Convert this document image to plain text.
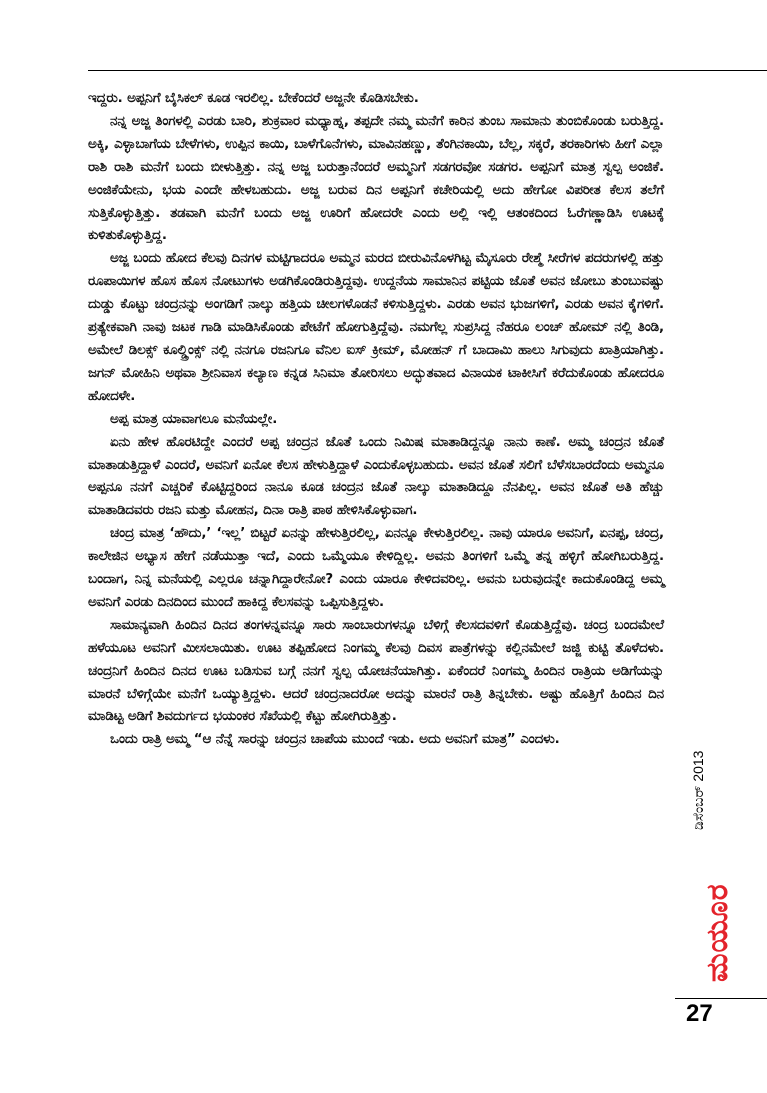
ಇದ್ದರು. ಅಪ್ಪನಿಗೆ ಬೈಸಿಕಲ್ ಕೂಡ ಇರಲಿಲ್ಲ. ಬೇಕೆಂದರೆ ಅಜ್ಜನೇ ಕೊಡಿಸಬೇಕು.

ನನ್ನ ಅಜ್ಜ ತಿಂಗಳಲ್ಲಿ ಎರಡು ಬಾರಿ, ಶುಕ್ರವಾರ ಮಧ್ಯಾಹ್ನ, ತಪ್ಪದೇ ನಮ್ಮ ಮನೆಗೆ ಕಾರಿನ ತುಂಬ ಸಾಮಾನು ತುಂಬಿಕೊಂಡು ಬರುತ್ತಿದ್ದ. ಅಕ್ಕಿ, ಎಳ್ಳಾಬಾಗೆಯ ಬೇಳೆಗಳು, ಉಪ್ಪಿನ ಕಾಯಿ, ಬಾಳೆಗೊನೆಗಳು, ಮಾವಿನಹಣ್ಣು, ತೆಂಗಿನಕಾಯಿ, ಬೆಲ್ಲ, ಸಕ್ಕರೆ, ತರಕಾರಿಗಳು ಹೀಗೆ ಎಲ್ಲಾ ರಾಶಿ ರಾಶಿ ಮನೆಗೆ ಬಂದು ಬೀಳುತ್ತಿತ್ತು. ನನ್ನ ಅಜ್ಜ ಬರುತ್ತಾನೆಂದರೆ ಅಮ್ಮನಿಗೆ ಸಡಗರವೋ ಸಡಗರ. ಅಪ್ಪನಿಗೆ ಮಾತ್ರ ಸ್ವಲ್ಪ ಅಂಜಿಕೆ. ಅಂಜಿಕೆಯೇನು, ಭಯ ಎಂದೇ ಹೇಳಬಹುದು. ಅಜ್ಜ ಬರುವ ದಿನ ಅಪ್ಪನಿಗೆ ಕಚೇರಿಯಲ್ಲಿ ಅದು ಹೇಗೋ ವಿಪರೀತ ಕೆಲಸ ತಲೆಗೆ ಸುತ್ತಿಕೊಳ್ಳುತ್ತಿತ್ತು. ತಡವಾಗಿ ಮನೆಗೆ ಬಂದು ಅಜ್ಜ ಊರಿಗೆ ಹೋದರೇ ಎಂದು ಅಲ್ಲಿ ಇಲ್ಲಿ ಆತಂಕದಿಂದ ಓರೆಗಣ್ಣಾಡಿಸಿ ಊಟಕ್ಕೆ ಕುಳಿತುಕೊಳ್ಳುತ್ತಿದ್ದ.

ಅಜ್ಜ ಬಂದು ಹೋದ ಕೆಲವು ದಿನಗಳ ಮಟ್ಟಿಗಾದರೂ ಅಮ್ಮನ ಮರದ ಬೀರುವಿನೊಳಗಿಟ್ಟ ಮೈಸೂರು ರೇಶ್ಮೆ ಸೀರೆಗಳ ಪದರುಗಳಲ್ಲಿ ಹತ್ತು ರೂಪಾಯಿಗಳ ಹೊಸ ಹೊಸ ನೋಟುಗಳು ಅಡಗಿಕೊಂಡಿರುತ್ತಿದ್ದವು. ಉದ್ದನೆಯ ಸಾಮಾನಿನ ಪಟ್ಟಿಯ ಜೊತೆ ಅವನ ಜೋಬು ತುಂಬುವಷ್ಟು ದುಡ್ಡು ಕೊಟ್ಟು ಚಂದ್ರನನ್ನು ಅಂಗಡಿಗೆ ನಾಲ್ಕು ಹತ್ತಿಯ ಚೀಲಗಳೊಡನೆ ಕಳಿಸುತ್ತಿದ್ದಳು. ಎರಡು ಅವನ ಭುಜಗಳಿಗೆ, ಎರಡು ಅವನ ಕೈಗಳಿಗೆ. ಪ್ರತ್ಯೇಕವಾಗಿ ನಾವು ಜಟಕ ಗಾಡಿ ಮಾಡಿಸಿಕೊಂಡು ಪೇಟೆಗೆ ಹೋಗುತ್ತಿದ್ದೆವು. ನಮಗೆಲ್ಲ ಸುಪ್ರಸಿದ್ದ ನೆಹರೂ ಲಂಚ್ ಹೋಮ್ ನಲ್ಲಿ ತಿಂಡಿ, ಅಮೇಲೆ ಡಿಲಕ್ಸ್ ಕೂಲ್ಡ್ರಿಂಕ್ಸ್ ನಲ್ಲಿ ನನಗೂ ರಜನಿಗೂ ವೆನಿಲ ಐಸ್ ಕ್ರೀಮ್, ಮೋಹನ್ ಗೆ ಬಾದಾಮಿ ಹಾಲು ಸಿಗುವುದು ಖಾತ್ರಿಯಾಗಿತ್ತು. ಜಗನ್ ಮೋಹಿನಿ ಅಥವಾ ಶ್ರೀನಿವಾಸ ಕಲ್ಯಾಣ ಕನ್ನಡ ಸಿನಿಮಾ ತೋರಿಸಲು ಅದ್ಭುತವಾದ ವಿನಾಯಕ ಟಾಕೀಸಿಗೆ ಕರೆದುಕೊಂಡು ಹೋದರೂ ಹೋದಳೇ.

ಅಪ್ಪ ಮಾತ್ರ ಯಾವಾಗಲೂ ಮನೆಯಲ್ಲೇ.

ಏನು ಹೇಳ ಹೊರಟಿದ್ದೇ ಎಂದರೆ ಅಪ್ಪ ಚಂದ್ರನ ಜೊತೆ ಒಂದು ನಿಮಿಷ ಮಾತಾಡಿದ್ದನ್ನೂ ನಾನು ಕಾಣೆ. ಅಮ್ಮ ಚಂದ್ರನ ಜೊತೆ ಮಾತಾಡುತ್ತಿದ್ದಾಳೆ ಎಂದರೆ, ಅವನಿಗೆ ಏನೋ ಕೆಲಸ ಹೇಳುತ್ತಿದ್ದಾಳೆ ಎಂದುಕೊಳ್ಳಬಹುದು. ಅವನ ಜೊತೆ ಸಲಿಗೆ ಬೆಳೆಸಬಾರದೆಂದು ಅಮ್ಮನೂ ಅಪ್ಪನೂ ನನಗೆ ಎಚ್ಚರಿಕೆ ಕೊಟ್ಟಿದ್ದರಿಂದ ನಾನೂ ಕೂಡ ಚಂದ್ರನ ಜೊತೆ ನಾಲ್ಕು ಮಾತಾಡಿದ್ದೂ ನೆನಪಿಲ್ಲ. ಅವನ ಜೊತೆ ಅತಿ ಹೆಚ್ಚು ಮಾತಾಡಿದವರು ರಜನಿ ಮತ್ತು ಮೋಹನ, ದಿನಾ ರಾತ್ರಿ ಪಾಠ ಹೇಳಿಸಿಕೊಳ್ಳುವಾಗ.

ಚಂದ್ರ ಮಾತ್ರ ‘ಹೌದು,’ ‘ಇಲ್ಲ’ ಬಿಟ್ಟರೆ ಏನನ್ನು ಹೇಳುತ್ತಿರಲಿಲ್ಲ, ಏನನ್ನೂ ಕೇಳುತ್ತಿರಲಿಲ್ಲ. ನಾವು ಯಾರೂ ಅವನಿಗೆ, ಏನಪ್ಪ, ಚಂದ್ರ, ಕಾಲೇಜಿನ ಅಭ್ಯಾಸ ಹೇಗೆ ನಡೆಯುತ್ತಾ ಇದೆ, ಎಂದು ಒಮ್ಮೆಯೂ ಕೇಳಿದ್ದಿಲ್ಲ. ಅವನು ತಿಂಗಳಿಗೆ ಒಮ್ಮೆ ತನ್ನ ಹಳ್ಳಿಗೆ ಹೋಗಿಬರುತ್ತಿದ್ದ. ಬಂದಾಗ, ನಿನ್ನ ಮನೆಯಲ್ಲಿ ಎಲ್ಲರೂ ಚನ್ನಾಗಿದ್ದಾರೇನೋ? ಎಂದು ಯಾರೂ ಕೇಳಿದವರಿಲ್ಲ. ಅವನು ಬರುವುದನ್ನೇ ಕಾದುಕೊಂಡಿದ್ದ ಅಮ್ಮ ಅವನಿಗೆ ಎರಡು ದಿನದಿಂದ ಮುಂದೆ ಹಾಕಿದ್ದ ಕೆಲಸವನ್ನು ಒಪ್ಪಿಸುತ್ತಿದ್ದಳು.

ಸಾಮಾನ್ಯವಾಗಿ ಹಿಂದಿನ ದಿನದ ತಂಗಳನ್ನವನ್ನೂ ಸಾರು ಸಾಂಬಾರುಗಳನ್ನೂ ಬೆಳಿಗ್ಗೆ ಕೆಲಸದವಳಿಗೆ ಕೊಡುತ್ತಿದ್ದೆವು. ಚಂದ್ರ ಬಂದಮೇಲೆ ಹಳೆಯೂಟ ಅವನಿಗೆ ಮೀಸಲಾಯಿತು. ಊಟ ತಪ್ಪಿಹೋದ ನಿಂಗಮ್ಮ ಕೆಲವು ದಿವಸ ಪಾತ್ರೆಗಳನ್ನು ಕಲ್ಲಿನಮೇಲೆ ಜಜ್ಜಿ ಕುಟ್ಟಿ ತೊಳೆದಳು. ಚಂದ್ರನಿಗೆ ಹಿಂದಿನ ದಿನದ ಊಟ ಬಡಿಸುವ ಬಗ್ಗೆ ನನಗೆ ಸ್ವಲ್ಪ ಯೋಚನೆಯಾಗಿತ್ತು. ಏಕೆಂದರೆ ನಿಂಗಮ್ಮ ಹಿಂದಿನ ರಾತ್ರಿಯ ಅಡಿಗೆಯನ್ನು ಮಾರನೆ ಬೆಳಿಗ್ಗೆಯೇ ಮನೆಗೆ ಒಯ್ಯುತ್ತಿದ್ದಳು. ಆದರೆ ಚಂದ್ರನಾದರೋ ಅದನ್ನು ಮಾರನೆ ರಾತ್ರಿ ತಿನ್ನಬೇಕು. ಅಷ್ಟು ಹೊತ್ತಿಗೆ ಹಿಂದಿನ ದಿನ ಮಾಡಿಟ್ಟ ಅಡಿಗೆ ಶಿವದುರ್ಗದ ಭಯಂಕರ ಸೆಖೆಯಲ್ಲಿ ಕೆಟ್ಟು ಹೋಗಿರುತ್ತಿತ್ತು.

ಒಂದು ರಾತ್ರಿ ಅಮ್ಮ “ಆ ನೆನ್ನೆ ಸಾರನ್ನು ಚಂದ್ರನ ಚಾಪೆಯ ಮುಂದೆ ಇಡು. ಅದು ಅವನಿಗೆ ಮಾತ್ರ” ಎಂದಳು.

ಡಿಸೆಂಬರ್ 2013
ಮಯೂರ
27
